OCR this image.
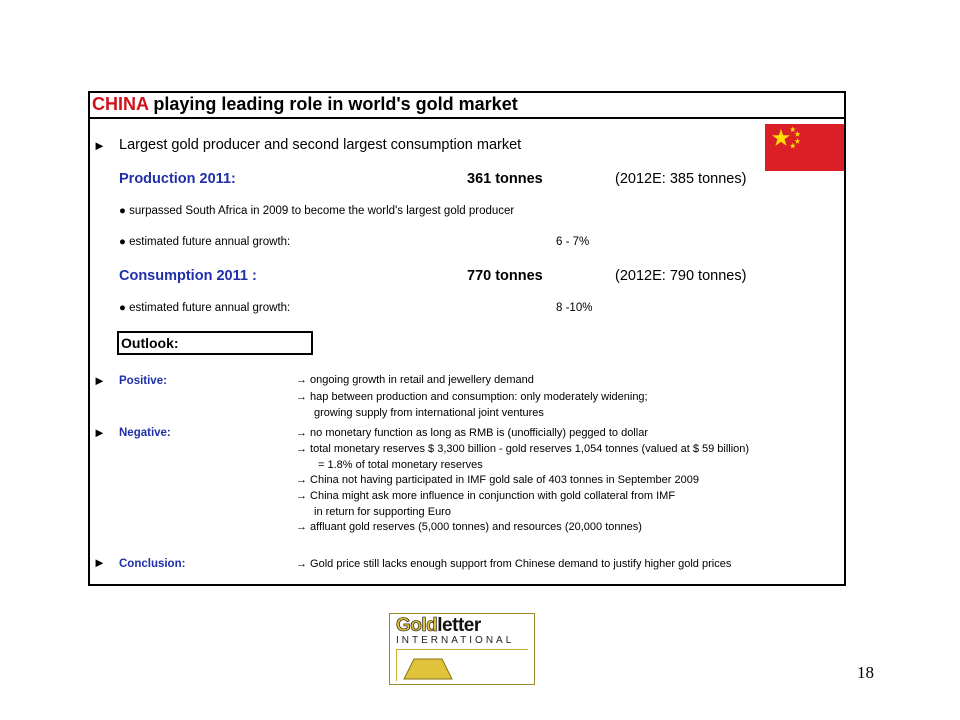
CHINA playing leading role in world's gold market
► Largest gold producer and second largest consumption market
Production 2011:	361 tonnes	(2012E: 385 tonnes)
● surpassed South Africa in 2009 to become the world's largest gold producer
● estimated future annual growth:	6 - 7%
Consumption 2011 :	770 tonnes	(2012E: 790 tonnes)
● estimated future annual growth:	8 -10%
Outlook:
► Positive:	→ ongoing growth in retail and jewellery demand
→ hap between production and consumption: only moderately widening;
growing supply from international joint ventures
► Negative:	→ no monetary function as long as RMB is (unofficially) pegged to dollar
→ total monetary reserves $ 3,300 billion - gold reserves 1,054 tonnes (valued at $ 59 billion)
= 1.8% of total monetary reserves
→ China not having participated in IMF gold sale of 403 tonnes in September 2009
→ China might ask more influence in conjunction with gold collateral from IMF
in return for supporting Euro
→ affluant gold reserves (5,000 tonnes) and resources (20,000 tonnes)
► Conclusion:	→ Gold price still lacks enough support from Chinese demand to justify higher gold prices
Goldletter
INTERNATIONAL
18
